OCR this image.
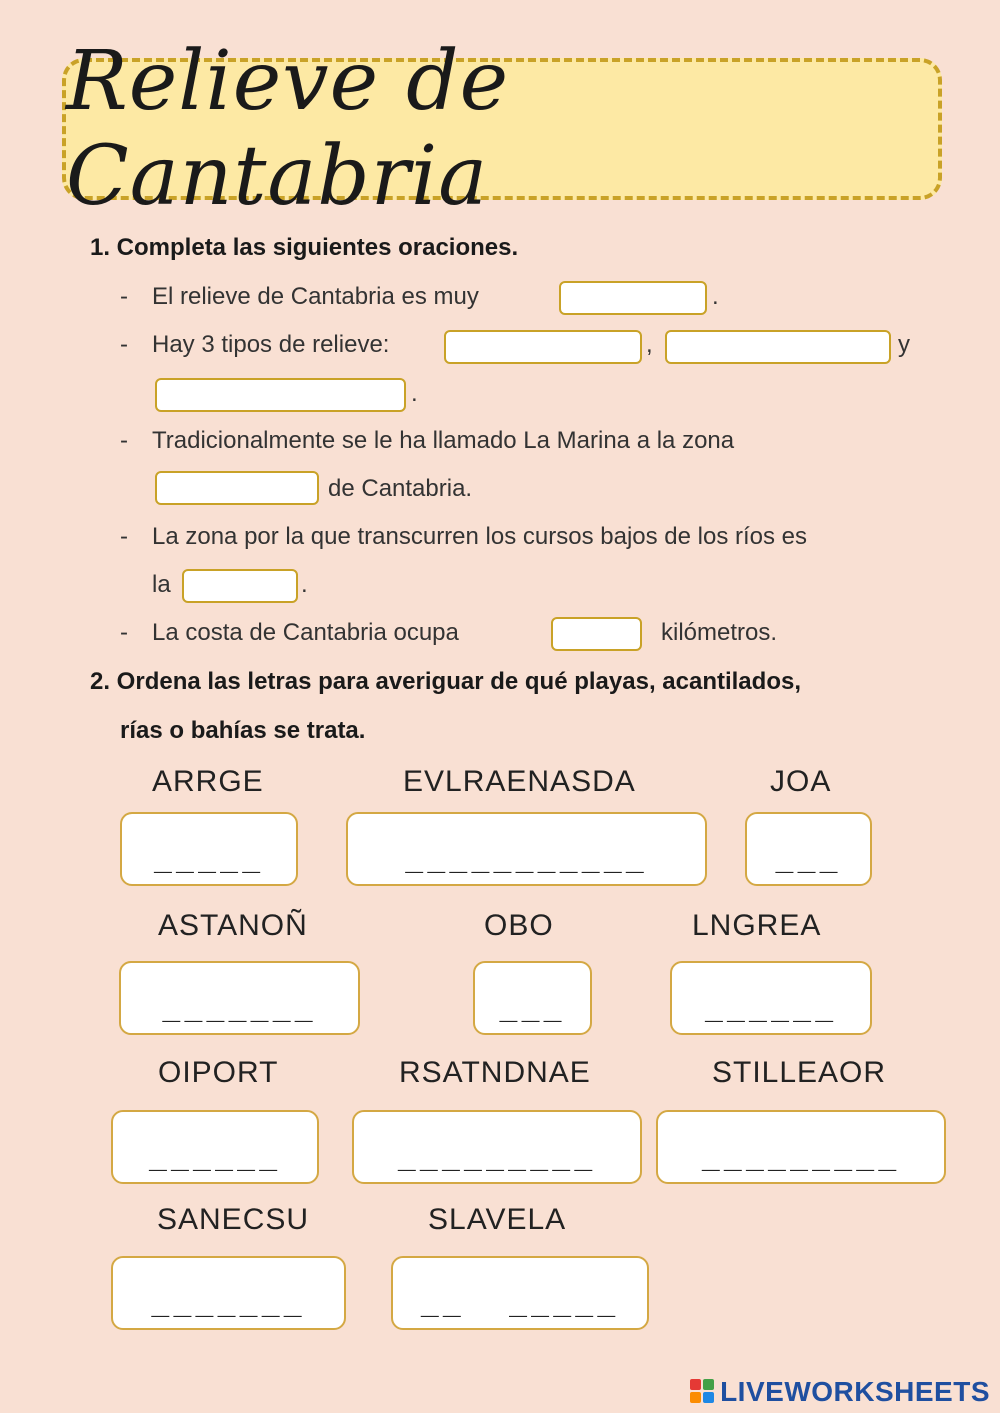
Relieve de Cantabria
1. Completa las siguientes oraciones.
- El relieve de Cantabria es muy	.
- Hay 3 tipos de relieve:	,	y
.
- Tradicionalmente se le ha llamado La Marina a la zona
de Cantabria.
- La zona por la que transcurren los cursos bajos de los ríos es
la	.
- La costa de Cantabria ocupa	kilómetros.
2. Ordena las letras para averiguar de qué playas, acantilados,
rías o bahías se trata.
ARRGE
_____
EVLRAENASDA
___________
JOA
___
ASTANOÑ
_______
OBO
___
LNGREA
______
OIPORT
______
RSATNDNAE
_________
STILLEAOR
_________
SANECSU
_______
SLAVELA
__  _____
LIVEWORKSHEETS
